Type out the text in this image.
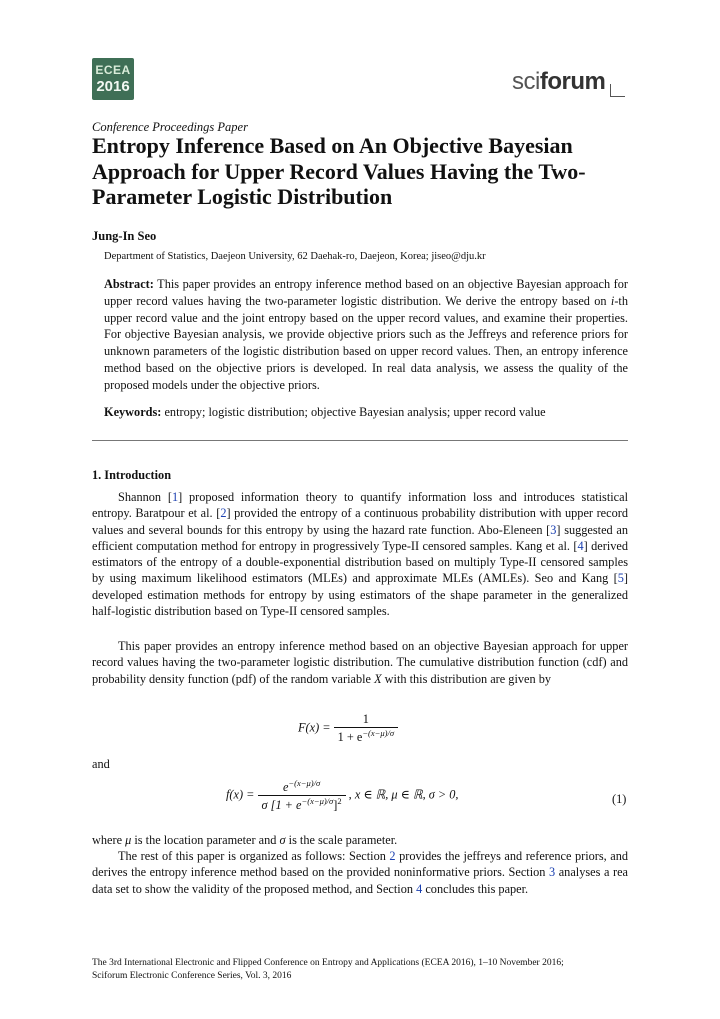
ECEA
2016	sciforum
Conference Proceedings Paper
Entropy Inference Based on An Objective Bayesian Approach for Upper Record Values Having the Two-Parameter Logistic Distribution
Jung-In Seo
Department of Statistics, Daejeon University, 62 Daehak-ro, Daejeon, Korea; jiseo@dju.kr

Abstract: This paper provides an entropy inference method based on an objective Bayesian approach for upper record values having the two-parameter logistic distribution. We derive the entropy based on i-th upper record value and the joint entropy based on the upper record values, and examine their properties. For objective Bayesian analysis, we provide objective priors such as the Jeffreys and reference priors for unknown parameters of the logistic distribution based on upper record values. Then, an entropy inference method based on the objective priors is developed. In real data analysis, we assess the quality of the proposed models under the objective priors.

Keywords: entropy; logistic distribution; objective Bayesian analysis; upper record value

1. Introduction

Shannon [1] proposed information theory to quantify information loss and introduces statistical entropy. Baratpour et al. [2] provided the entropy of a continuous probability distribution with upper record values and several bounds for this entropy by using the hazard rate function. Abo-Eleneen [3] suggested an efficient computation method for entropy in progressively Type-II censored samples. Kang et al. [4] derived estimators of the entropy of a double-exponential distribution based on multiply Type-II censored samples by using maximum likelihood estimators (MLEs) and approximate MLEs (AMLEs). Seo and Kang [5] developed estimation methods for entropy by using estimators of the shape parameter in the generalized half-logistic distribution based on Type-II censored samples.

This paper provides an entropy inference method based on an objective Bayesian approach for upper record values having the two-parameter logistic distribution. The cumulative distribution function (cdf) and probability density function (pdf) of the random variable X with this distribution are given by

$F(x) = \frac{1}{1 + e^{-(x-\mu)/\sigma}}$
and
$f(x) = \frac{e^{-(x-\mu)/\sigma}}{\sigma [1 + e^{-(x-\mu)/\sigma}]^2}$ , x ∈ ℝ, μ ∈ ℝ, σ > 0,	(1)

where μ is the location parameter and σ is the scale parameter.

The rest of this paper is organized as follows: Section 2 provides the jeffreys and reference priors, and derives the entropy inference method based on the provided noninformative priors. Section 3 analyses a rea data set to show the validity of the proposed method, and Section 4 concludes this paper.

The 3rd International Electronic and Flipped Conference on Entropy and Applications (ECEA 2016), 1–10 November 2016;
Sciforum Electronic Conference Series, Vol. 3, 2016
